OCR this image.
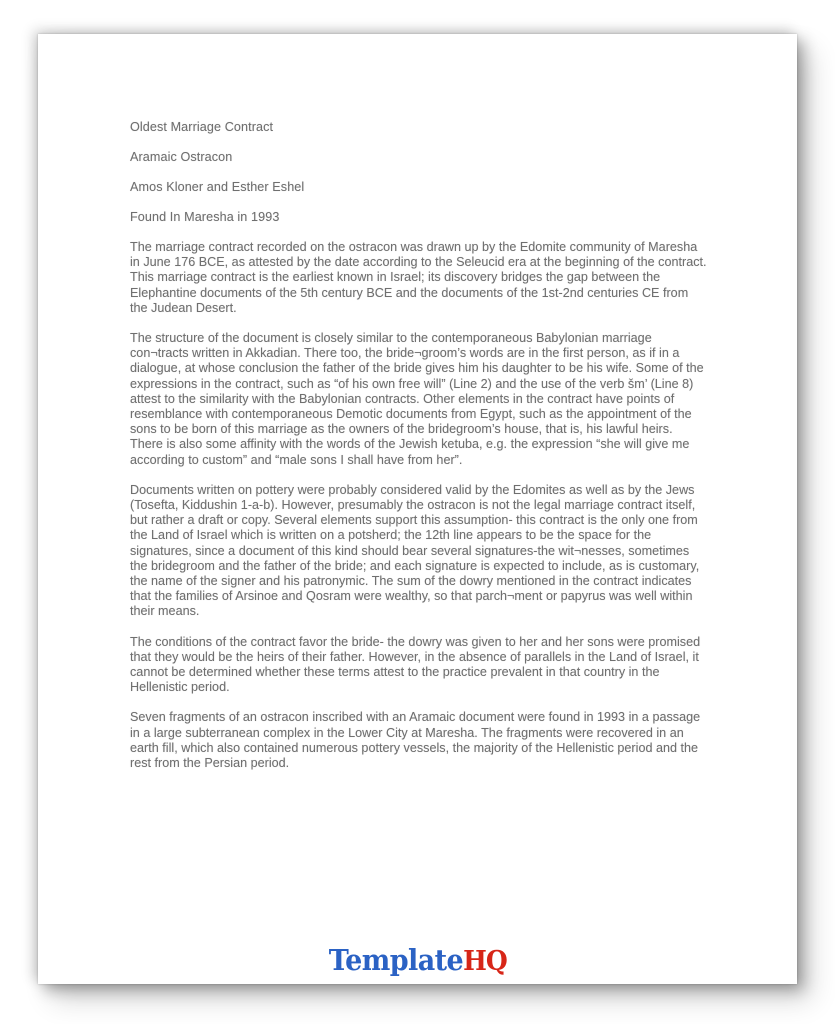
Oldest Marriage Contract

Aramaic Ostracon

Amos Kloner and Esther Eshel

Found In Maresha in 1993

The marriage contract recorded on the ostracon was drawn up by the Edomite community of Maresha in June 176 BCE, as attested by the date according to the Seleucid era at the beginning of the contract. This marriage contract is the earliest known in Israel; its discovery bridges the gap between the Elephantine documents of the 5th century BCE and the documents of the 1st-2nd centuries CE from the Judean Desert.

The structure of the document is closely similar to the contemporaneous Babylonian marriage con¬tracts written in Akkadian. There too, the bride¬groom’s words are in the first person, as if in a dialogue, at whose conclusion the father of the bride gives him his daughter to be his wife. Some of the expressions in the contract, such as “of his own free will” (Line 2) and the use of the verb šm’ (Line 8) attest to the similarity with the Babylonian contracts. Other elements in the contract have points of resemblance with contemporaneous Demotic documents from Egypt, such as the appointment of the sons to be born of this marriage as the owners of the bridegroom’s house, that is, his lawful heirs. There is also some affinity with the words of the Jewish ketuba, e.g. the expression “she will give me according to custom” and “male sons I shall have from her”.

Documents written on pottery were probably considered valid by the Edomites as well as by the Jews (Tosefta, Kiddushin 1-a-b). However, presumably the ostracon is not the legal marriage contract itself, but rather a draft or copy. Several elements support this assumption- this contract is the only one from the Land of Israel which is written on a potsherd; the 12th line appears to be the space for the signatures, since a document of this kind should bear several signatures-the wit¬nesses, sometimes the bridegroom and the father of the bride; and each signature is expected to include, as is customary, the name of the signer and his patronymic. The sum of the dowry mentioned in the contract indicates that the families of Arsinoe and Qosram were wealthy, so that parch¬ment or papyrus was well within their means.

The conditions of the contract favor the bride- the dowry was given to her and her sons were promised that they would be the heirs of their father. However, in the absence of parallels in the Land of Israel, it cannot be determined whether these terms attest to the practice prevalent in that country in the Hellenistic period.

Seven fragments of an ostracon inscribed with an Aramaic document were found in 1993 in a passage in a large subterranean complex in the Lower City at Maresha. The fragments were recovered in an earth fill, which also contained numerous pottery vessels, the majority of the Hellenistic period and the rest from the Persian period.

TemplateHQ
